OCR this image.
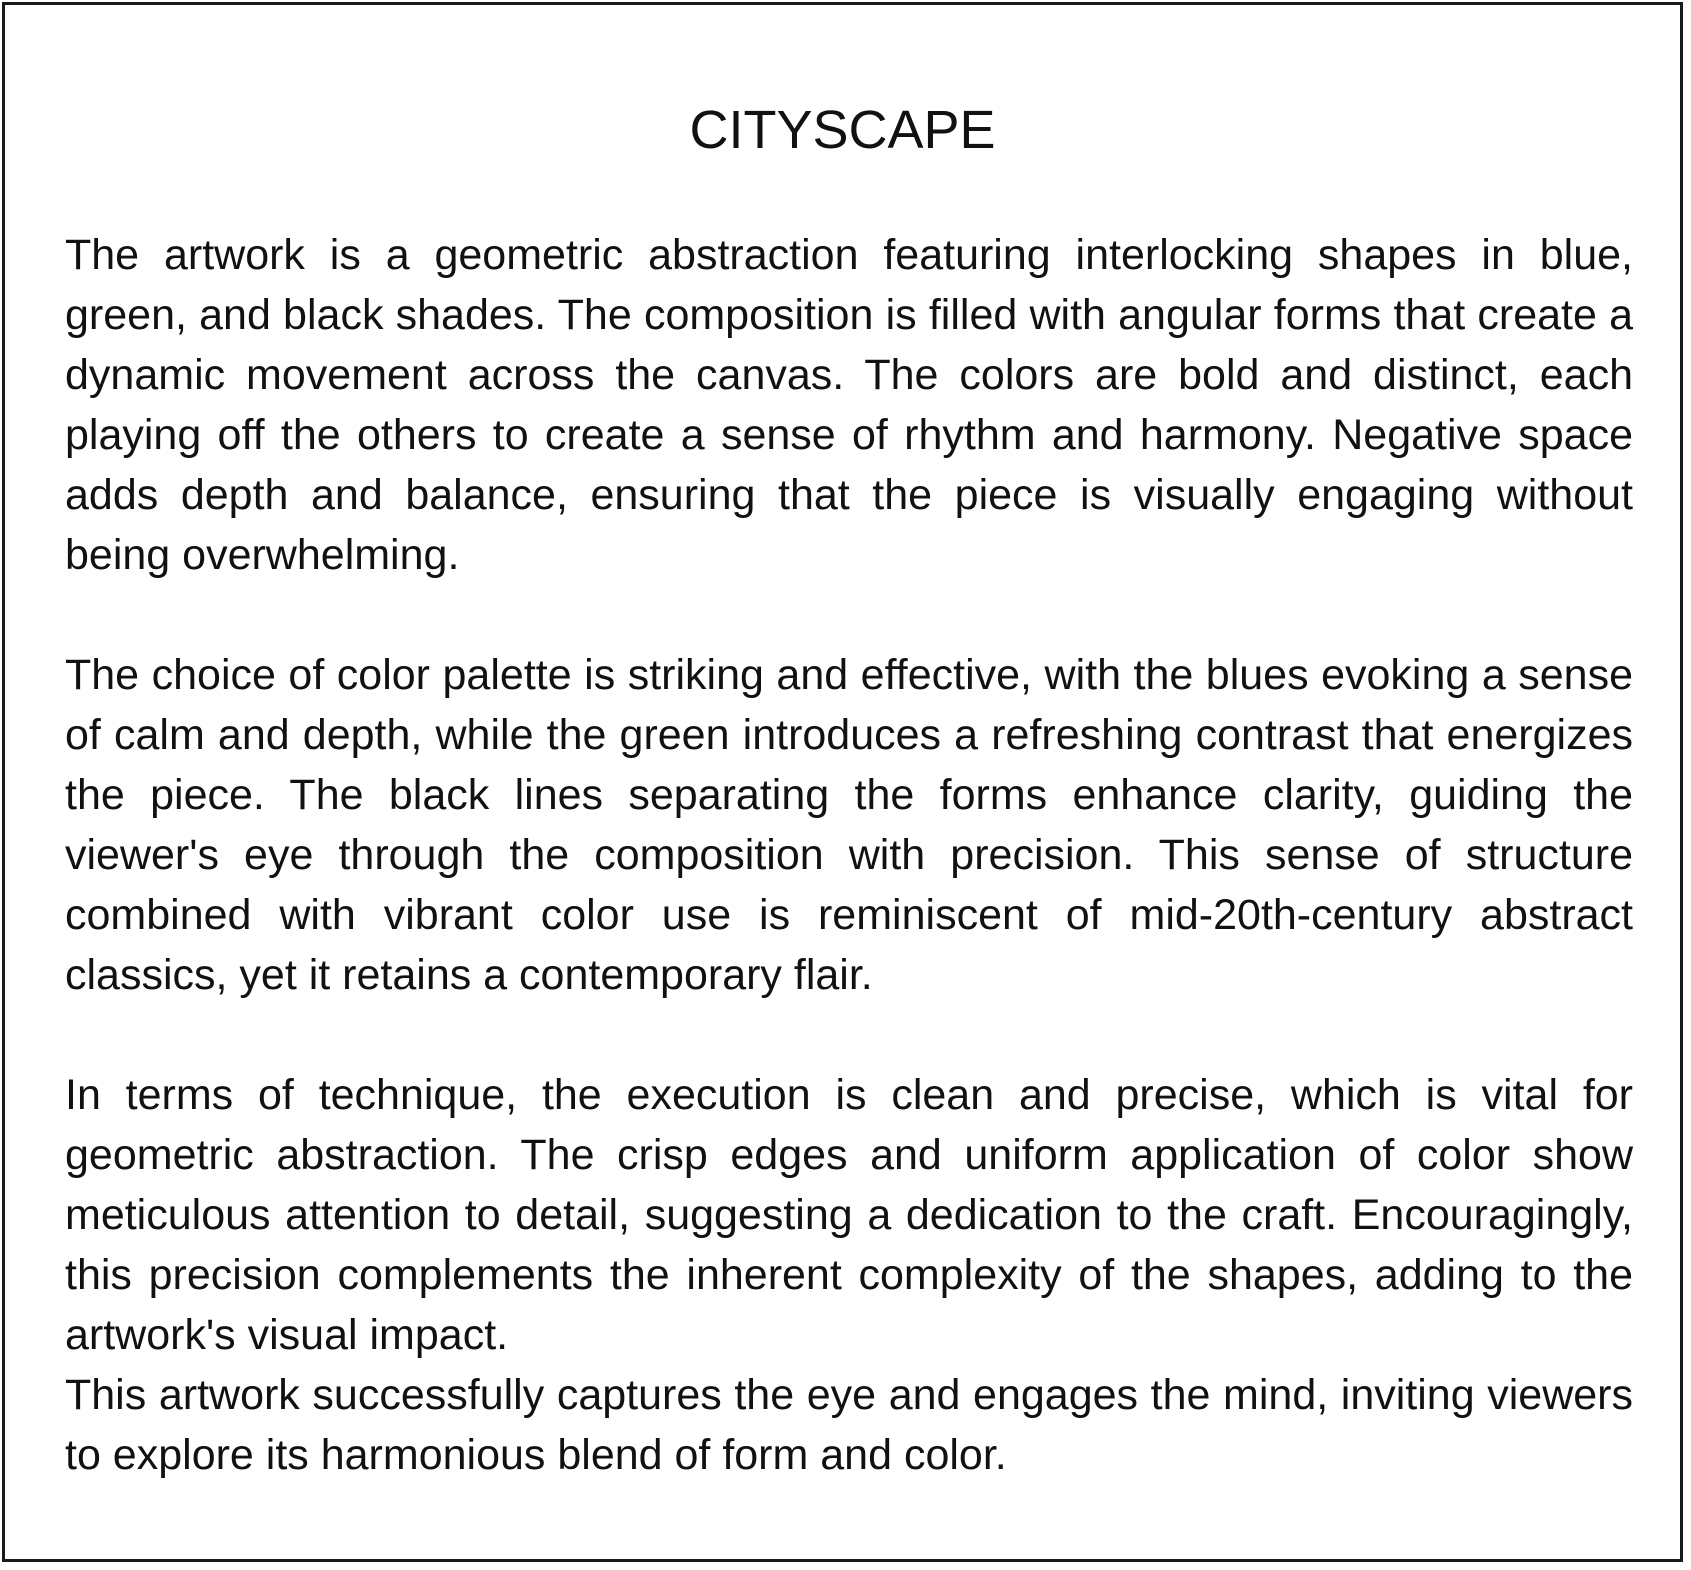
CITYSCAPE

The artwork is a geometric abstraction featuring interlocking shapes in blue, green, and black shades. The composition is filled with angular forms that create a dynamic movement across the canvas. The colors are bold and distinct, each playing off the others to create a sense of rhythm and harmony. Negative space adds depth and balance, ensuring that the piece is visually engaging without being overwhelming.

The choice of color palette is striking and effective, with the blues evoking a sense of calm and depth, while the green introduces a refreshing contrast that energizes the piece. The black lines separating the forms enhance clarity, guiding the viewer's eye through the composition with precision. This sense of structure combined with vibrant color use is reminiscent of mid-20th-century abstract classics, yet it retains a contemporary flair.

In terms of technique, the execution is clean and precise, which is vital for geometric abstraction. The crisp edges and uniform application of color show meticulous attention to detail, suggesting a dedication to the craft. Encouragingly, this precision complements the inherent complexity of the shapes, adding to the artwork's visual impact.

This artwork successfully captures the eye and engages the mind, inviting viewers to explore its harmonious blend of form and color.
